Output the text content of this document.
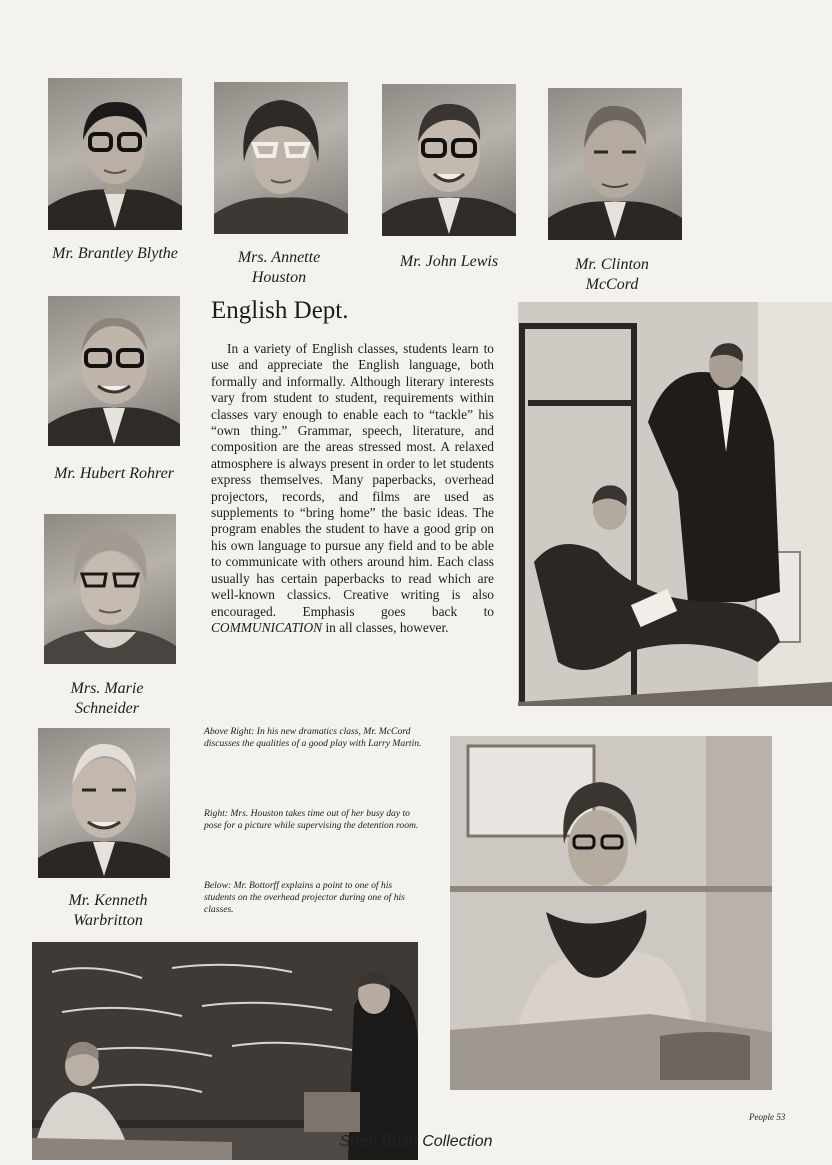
Mr. Brantley Blythe	Mrs. Annette Houston
Mr. John Lewis	Mr. Clinton McCord
Mr. Hubert Rohrer
Mrs. Marie Schneider
Mr. Kenneth Warbritton
English Dept.

In a variety of English classes, students learn to use and appreciate the English language, both formally and informally. Although literary interests vary from student to student, requirements within classes vary enough to enable each to “tackle” his “own thing.” Grammar, speech, literature, and composition are the areas stressed most. A relaxed atmosphere is always present in order to let students express themselves. Many paperbacks, overhead projectors, records, and films are used as supplements to “bring home” the basic ideas. The program enables the student to have a good grip on his own language to pursue any field and to be able to communicate with others around him. Each class usually has certain paperbacks to read which are well-known classics. Creative writing is also encouraged. Emphasis goes back to COMMUNICATION in all classes, however.

Above Right: In his new dramatics class, Mr. McCord discusses the qualities of a good play with Larry Martin.

Right: Mrs. Houston takes time out of her busy day to pose for a picture while supervising the detention room.

Below: Mr. Bottorff explains a point to one of his students on the overhead projector during one of his classes.

People 53
Sheri Bush Collection
